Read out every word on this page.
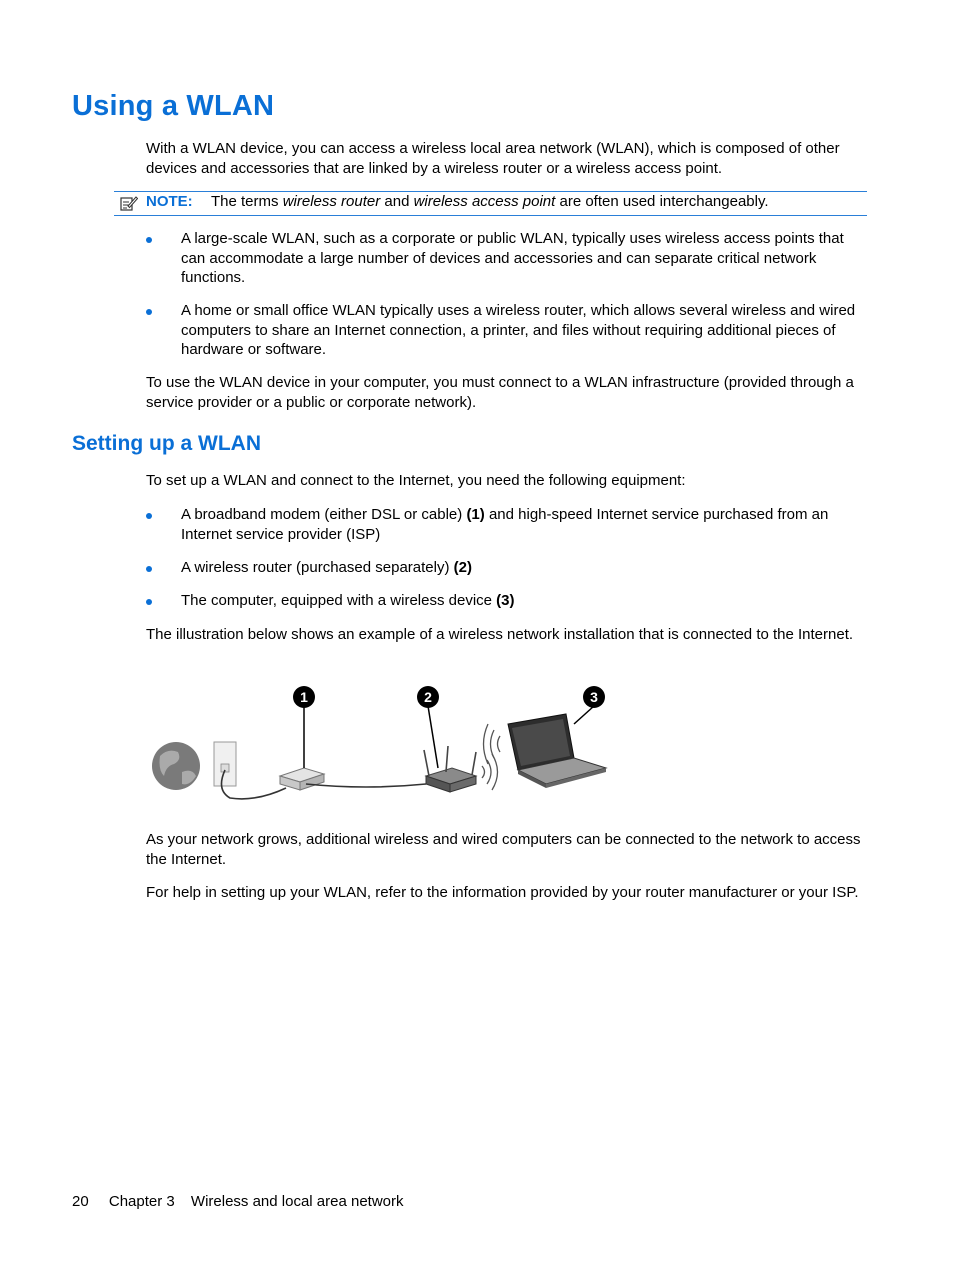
Using a WLAN

With a WLAN device, you can access a wireless local area network (WLAN), which is composed of other devices and accessories that are linked by a wireless router or a wireless access point.

NOTE: The terms wireless router and wireless access point are often used interchangeably.
A large-scale WLAN, such as a corporate or public WLAN, typically uses wireless access points that can accommodate a large number of devices and accessories and can separate critical network functions.
A home or small office WLAN typically uses a wireless router, which allows several wireless and wired computers to share an Internet connection, a printer, and files without requiring additional pieces of hardware or software.

To use the WLAN device in your computer, you must connect to a WLAN infrastructure (provided through a service provider or a public or corporate network).

Setting up a WLAN

To set up a WLAN and connect to the Internet, you need the following equipment:

A broadband modem (either DSL or cable) (1) and high-speed Internet service purchased from an Internet service provider (ISP)
A wireless router (purchased separately) (2)
The computer, equipped with a wireless device (3)

The illustration below shows an example of a wireless network installation that is connected to the Internet.

1	2	3

As your network grows, additional wireless and wired computers can be connected to the network to access the Internet.

For help in setting up your WLAN, refer to the information provided by your router manufacturer or your ISP.

20 Chapter 3 Wireless and local area network
